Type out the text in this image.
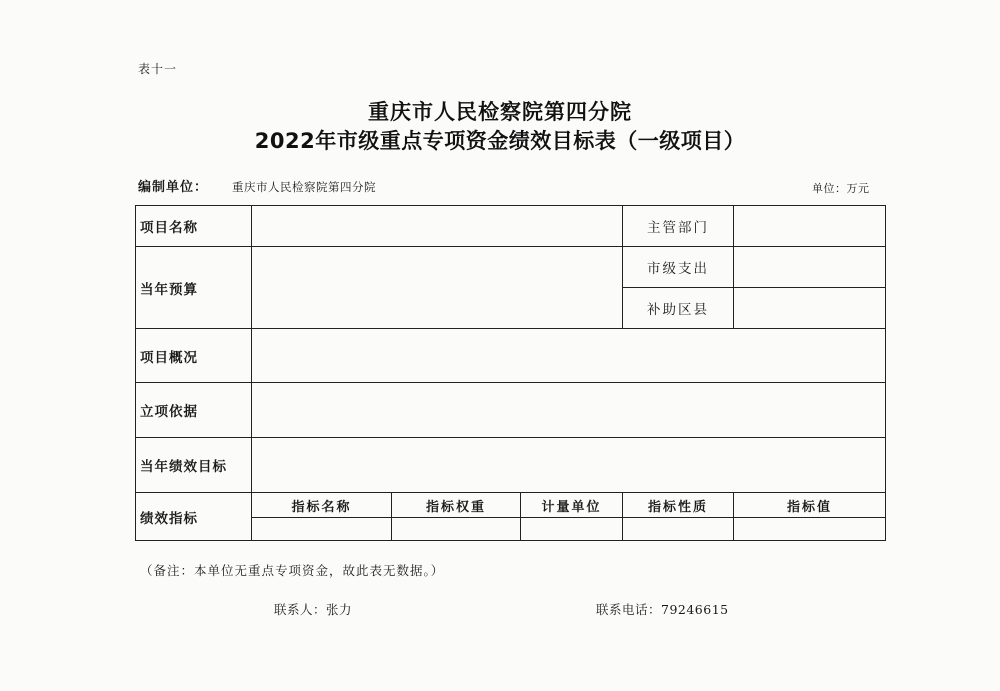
表十一
重庆市人民检察院第四分院
2022年市级重点专项资金绩效目标表（一级项目）
编制单位： 重庆市人民检察院第四分院	单位：万元
项目名称				主管部门	
当年预算				市级支出	
				补助区县	
项目概况					
立项依据					
当年绩效目标					
绩效指标	指标名称	指标权重	计量单位	指标性质	指标值

（备注：本单位无重点专项资金，故此表无数据。）
联系人：张力	联系电话：79246615
